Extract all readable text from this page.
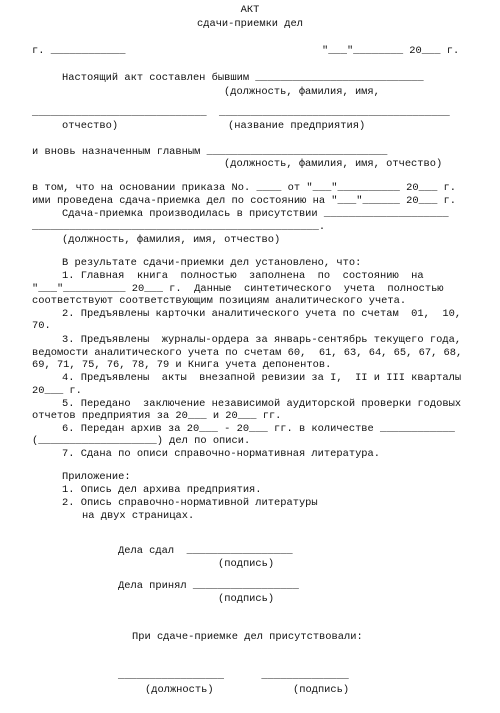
АКТ
сдачи-приемки дел
г. ____________	"___"________ 20___ г.
Настоящий акт составлен бывшим ___________________________
(должность, фамилия, имя,
____________________________  _____________________________________
отчество)	(название предприятия)
и вновь назначенным главным _____________________________
(должность, фамилия, имя, отчество)
в том, что на основании приказа No. ____ от "___"__________ 20___ г.
ими проведена сдача-приемка дел по состоянию на "___"______ 20___ г.
Сдача-приемка производилась в присутствии ____________________
______________________________________________.
(должность, фамилия, имя, отчество)
В результате сдачи-приемки дел установлено, что:
1. Главная  книга  полностью  заполнена  по  состоянию  на
"___"__________ 20___ г.  Данные  синтетического  учета  полностью
соответствуют соответствующим позициям аналитического учета.
2. Предъявлены карточки аналитического учета по счетам  01,  10,
70.
3. Предъявлены  журналы-ордера за январь-сентябрь текущего года,
ведомости аналитического учета по счетам 60,  61, 63, 64, 65, 67, 68,
69, 71, 75, 76, 78, 79 и Книга учета депонентов.
4. Предъявлены  акты  внезапной ревизии за I,  II и III кварталы
20___ г.
5. Передано  заключение независимой аудиторской проверки годовых
отчетов предприятия за 20___ и 20___ гг.
6. Передан архив за 20___ - 20___ гг. в количестве ____________
(___________________) дел по описи.
7. Сдана по описи справочно-нормативная литература.
Приложение:
1. Опись дел архива предприятия.
2. Опись справочно-нормативной литературы
на двух страницах.
Дела сдал  _________________
(подпись)
Дела принял _________________
(подпись)
При сдаче-приемке дел присутствовали:
_________________      ______________
(должность)	(подпись)
